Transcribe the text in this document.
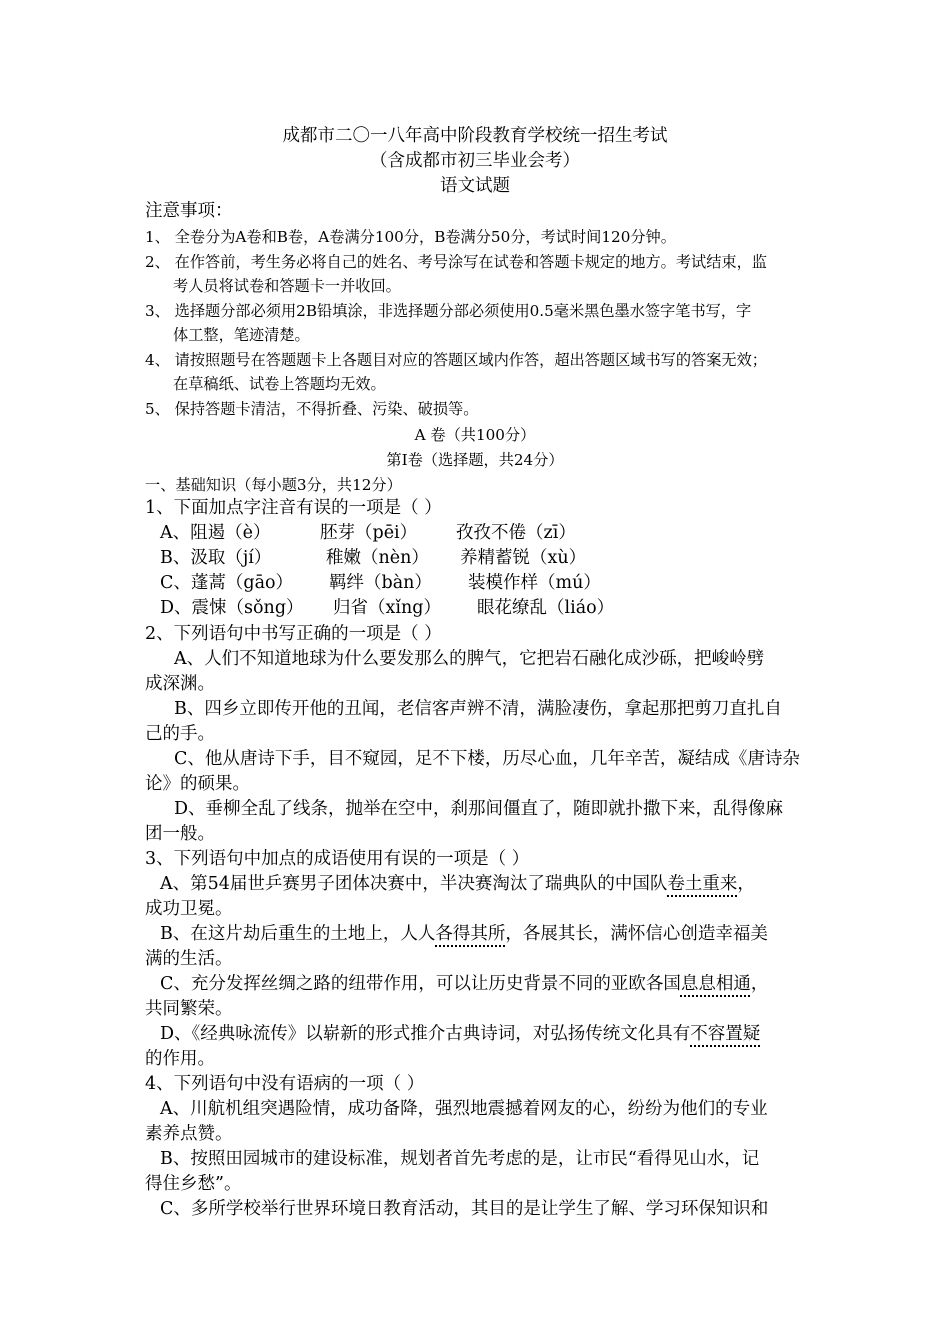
成都市二〇一八年高中阶段教育学校统一招生考试
（含成都市初三毕业会考）
语文试题
注意事项：
1、 全卷分为A卷和B卷，A卷满分100分，B卷满分50分，考试时间120分钟。
2、 在作答前，考生务必将自己的姓名、考号涂写在试卷和答题卡规定的地方。考试结束，监
考人员将试卷和答题卡一并收回。
3、 选择题分部必须用2B铅填涂，非选择题分部必须使用0.5毫米黑色墨水签字笔书写，字
体工整，笔迹清楚。
4、 请按照题号在答题题卡上各题目对应的答题区域内作答，超出答题区域书写的答案无效；
在草稿纸、试卷上答题均无效。
5、 保持答题卡清洁，不得折叠、污染、破损等。
A 卷（共100分）
第Ⅰ卷（选择题，共24分）
一、基础知识（每小题3分，共12分）
1、下面加点字注音有误的一项是（ ）
A、阻遏（è）	胚芽（pēi） 孜孜不倦（zī）
B、汲取（jí）	稚嫩（nèn） 养精蓄锐（xù）
C、蓬蒿（gāo） 羁绊（bàn） 装模作样（mú）
D、震悚（sǒng） 归省（xǐng） 眼花缭乱（liáo）
2、下列语句中书写正确的一项是（ ）
A、人们不知道地球为什么要发那么的脾气，它把岩石融化成沙砾，把峻岭劈
成深渊。
B、四乡立即传开他的丑闻，老信客声辨不清，满脸凄伤，拿起那把剪刀直扎自
己的手。
C、他从唐诗下手，目不窥园，足不下楼，历尽心血，几年辛苦，凝结成《唐诗杂
论》的硕果。
D、垂柳全乱了线条，抛举在空中，刹那间僵直了，随即就扑撒下来，乱得像麻
团一般。
3、下列语句中加点的成语使用有误的一项是（ ）
A、第54届世乒赛男子团体决赛中，半决赛淘汰了瑞典队的中国队卷土重来，
成功卫冕。
B、在这片劫后重生的土地上，人人各得其所，各展其长，满怀信心创造幸福美
满的生活。
C、充分发挥丝绸之路的纽带作用，可以让历史背景不同的亚欧各国息息相通，
共同繁荣。
D、《经典咏流传》以崭新的形式推介古典诗词，对弘扬传统文化具有不容置疑
的作用。
4、下列语句中没有语病的一项（ ）
A、川航机组突遇险情，成功备降，强烈地震撼着网友的心，纷纷为他们的专业
素养点赞。
B、按照田园城市的建设标准，规划者首先考虑的是，让市民“看得见山水，记
得住乡愁”。
C、多所学校举行世界环境日教育活动，其目的是让学生了解、学习环保知识和
